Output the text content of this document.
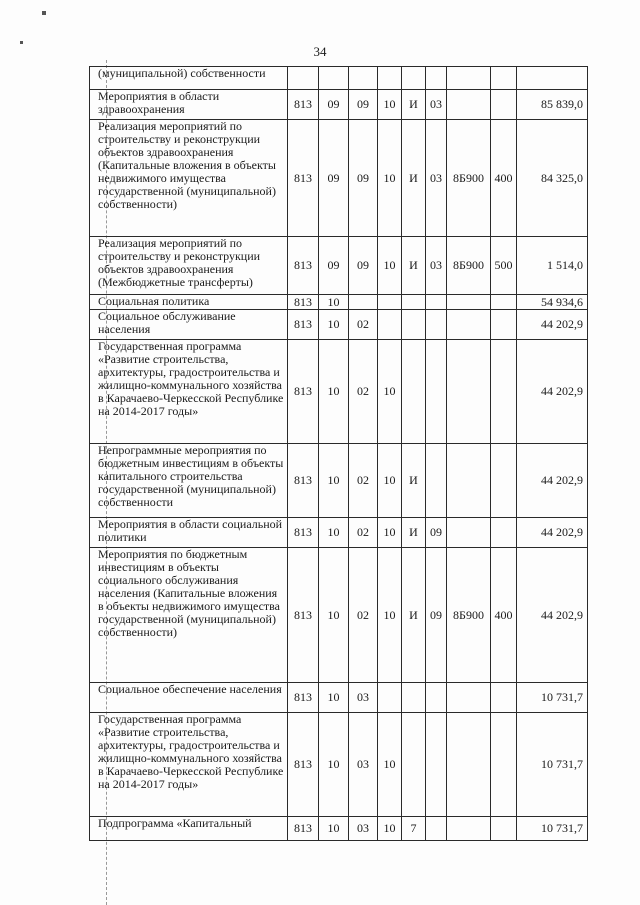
34
(муниципальной) собственности									
Мероприятия в области здравоохранения	813	09	09	10	И	03			85 839,0
Реализация мероприятий по строительству и реконструкции объектов здравоохранения (Капитальные вложения в объекты недвижимого имущества государственной (муниципальной) собственности)	813	09	09	10	И	03	8Б900	400	84 325,0
Реализация мероприятий по строительству и реконструкции объектов здравоохранения (Межбюджетные трансферты)	813	09	09	10	И	03	8Б900	500	1 514,0
Социальная политика	813	10							54 934,6
Социальное обслуживание населения	813	10	02						44 202,9
Государственная программа «Развитие строительства, архитектуры, градостроительства и жилищно-коммунального хозяйства в Карачаево-Черкесской Республике на 2014-2017 годы»	813	10	02	10					44 202,9
Непрограммные мероприятия по бюджетным инвестициям в объекты капитального строительства государственной (муниципальной) собственности	813	10	02	10	И				44 202,9
Мероприятия в области социальной политики	813	10	02	10	И	09			44 202,9
Мероприятия по бюджетным инвестициям в объекты социального обслуживания населения (Капитальные вложения в объекты недвижимого имущества государственной (муниципальной) собственности)	813	10	02	10	И	09	8Б900	400	44 202,9
Социальное обеспечение населения	813	10	03						10 731,7
Государственная программа «Развитие строительства, архитектуры, градостроительства и жилищно-коммунального хозяйства в Карачаево-Черкесской Республике на 2014-2017 годы»	813	10	03	10					10 731,7
Подпрограмма «Капитальный	813	10	03	10	7				10 731,7
